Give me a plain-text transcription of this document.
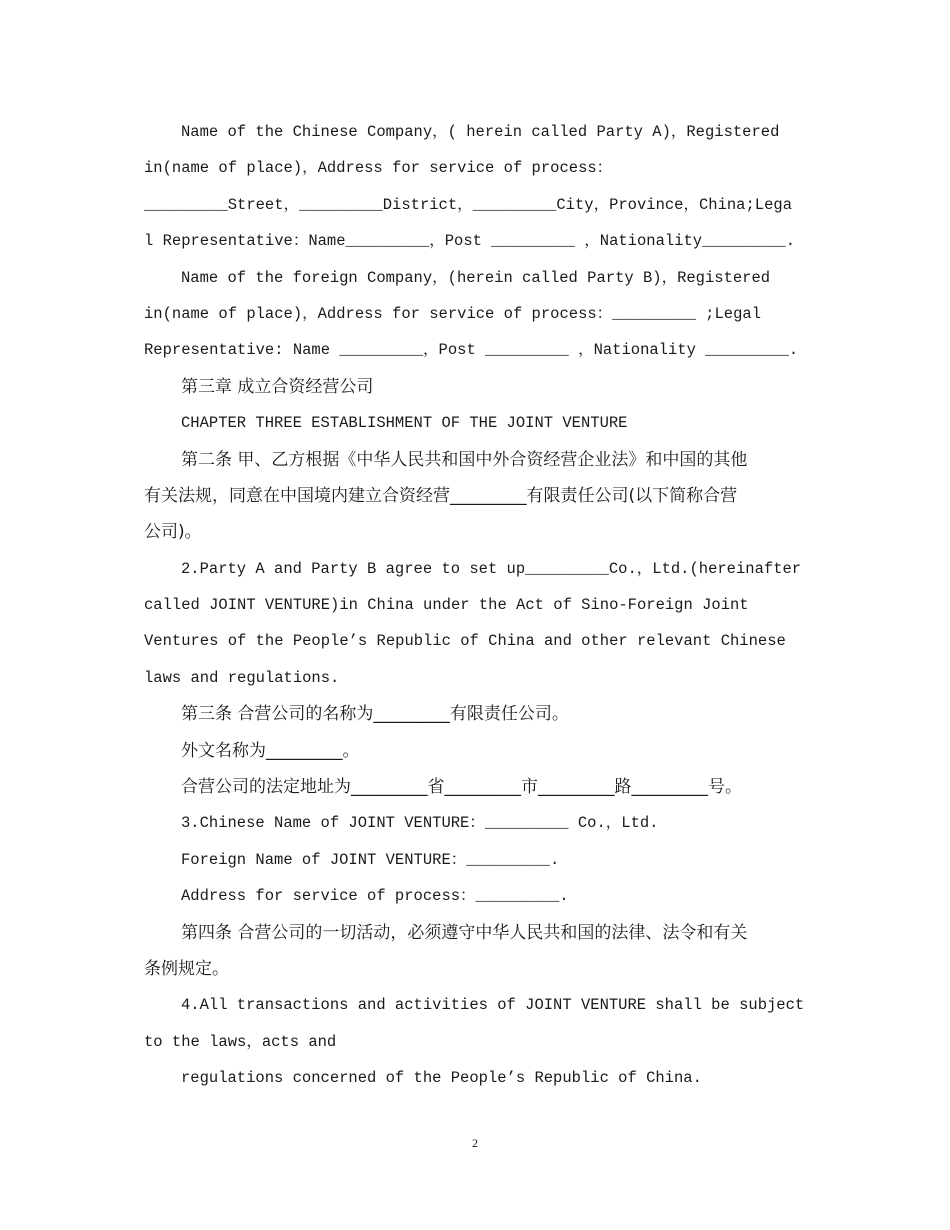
Name of the Chinese Company，( herein called Party A)，Registered
in(name of place)，Address for service of process：
_________Street，_________District，_________City，Province，China;Lega
l Representative：Name_________，Post _________ ，Nationality_________.
Name of the foreign Company，(herein called Party B)，Registered
in(name of place)，Address for service of process：_________ ;Legal
Representative: Name _________，Post _________ ，Nationality _________.
第三章 成立合资经营公司
CHAPTER THREE ESTABLISHMENT OF THE JOINT VENTURE
第二条 甲、乙方根据《中华人民共和国中外合资经营企业法》和中国的其他
有关法规，同意在中国境内建立合资经营_________有限责任公司(以下简称合营
公司)。
2.Party A and Party B agree to set up_________Co.，Ltd.(hereinafter
called JOINT VENTURE)in China under the Act of Sino-Foreign Joint
Ventures of the People’s Republic of China and other relevant Chinese
laws and regulations.
第三条 合营公司的名称为_________有限责任公司。
外文名称为_________。
合营公司的法定地址为_________省_________市_________路_________号。
3.Chinese Name of JOINT VENTURE：_________ Co.，Ltd.
Foreign Name of JOINT VENTURE：_________.
Address for service of process：_________.
第四条 合营公司的一切活动，必须遵守中华人民共和国的法律、法令和有关
条例规定。
4.All transactions and activities of JOINT VENTURE shall be subject
to the laws，acts and
regulations concerned of the People’s Republic of China.
2
